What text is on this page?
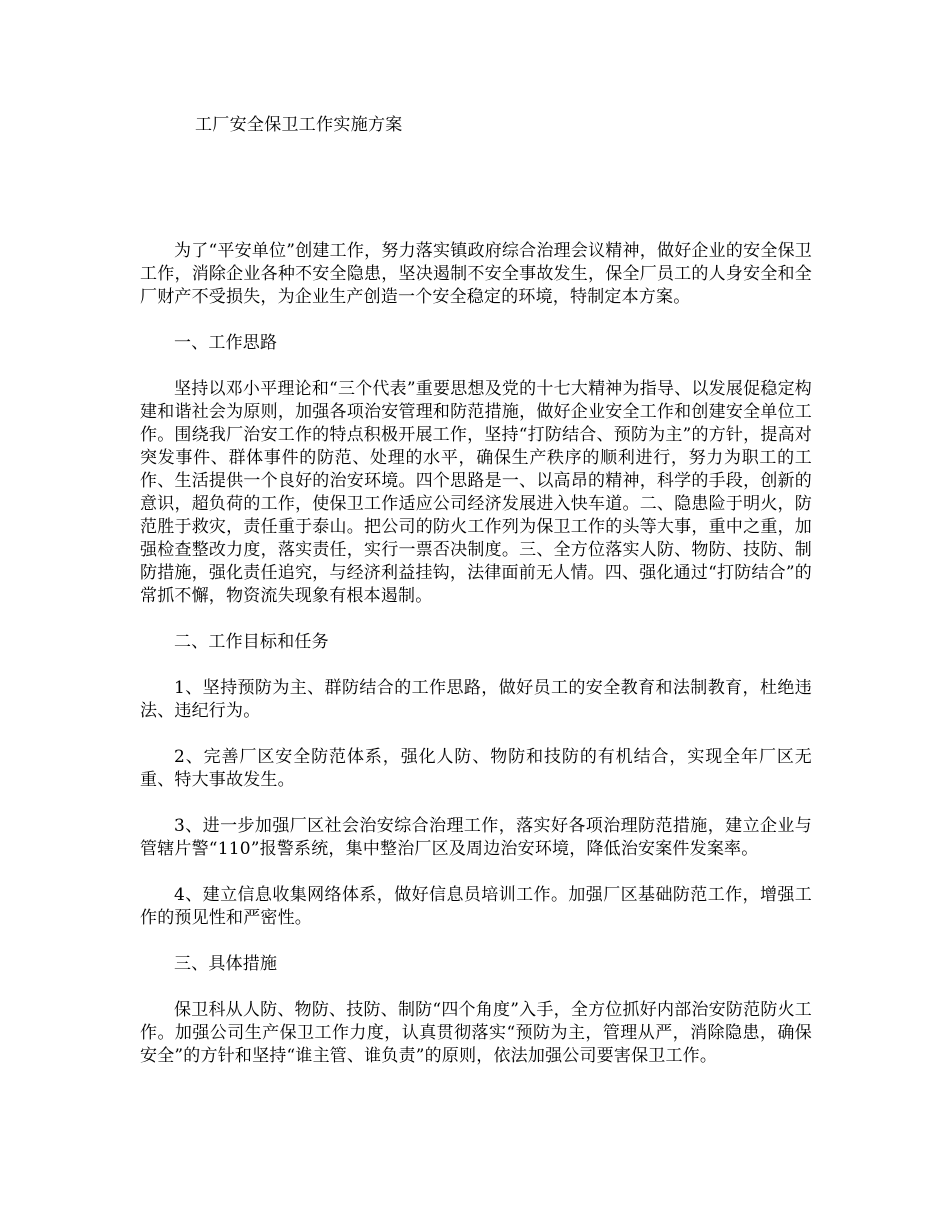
工厂安全保卫工作实施方案

为了“平安单位”创建工作，努力落实镇政府综合治理会议精神，做好企业的安全保卫工作，消除企业各种不安全隐患，坚决遏制不安全事故发生，保全厂员工的人身安全和全厂财产不受损失，为企业生产创造一个安全稳定的环境，特制定本方案。

一、工作思路

坚持以邓小平理论和“三个代表”重要思想及党的十七大精神为指导、以发展促稳定构建和谐社会为原则，加强各项治安管理和防范措施，做好企业安全工作和创建安全单位工作。围绕我厂治安工作的特点积极开展工作，坚持“打防结合、预防为主”的方针，提高对突发事件、群体事件的防范、处理的水平，确保生产秩序的顺利进行，努力为职工的工作、生活提供一个良好的治安环境。四个思路是一、以高昂的精神，科学的手段，创新的意识，超负荷的工作，使保卫工作适应公司经济发展进入快车道。二、隐患险于明火，防范胜于救灾，责任重于泰山。把公司的防火工作列为保卫工作的头等大事，重中之重，加强检查整改力度，落实责任，实行一票否决制度。三、全方位落实人防、物防、技防、制防措施，强化责任追究，与经济利益挂钩，法律面前无人情。四、强化通过“打防结合”的常抓不懈，物资流失现象有根本遏制。

二、工作目标和任务

1、坚持预防为主、群防结合的工作思路，做好员工的安全教育和法制教育，杜绝违法、违纪行为。

2、完善厂区安全防范体系，强化人防、物防和技防的有机结合，实现全年厂区无重、特大事故发生。

3、进一步加强厂区社会治安综合治理工作，落实好各项治理防范措施，建立企业与管辖片警“110”报警系统，集中整治厂区及周边治安环境，降低治安案件发案率。

4、建立信息收集网络体系，做好信息员培训工作。加强厂区基础防范工作，增强工作的预见性和严密性。

三、具体措施

保卫科从人防、物防、技防、制防“四个角度”入手，全方位抓好内部治安防范防火工作。加强公司生产保卫工作力度，认真贯彻落实“预防为主，管理从严，消除隐患，确保安全”的方针和坚持“谁主管、谁负责”的原则，依法加强公司要害保卫工作。
